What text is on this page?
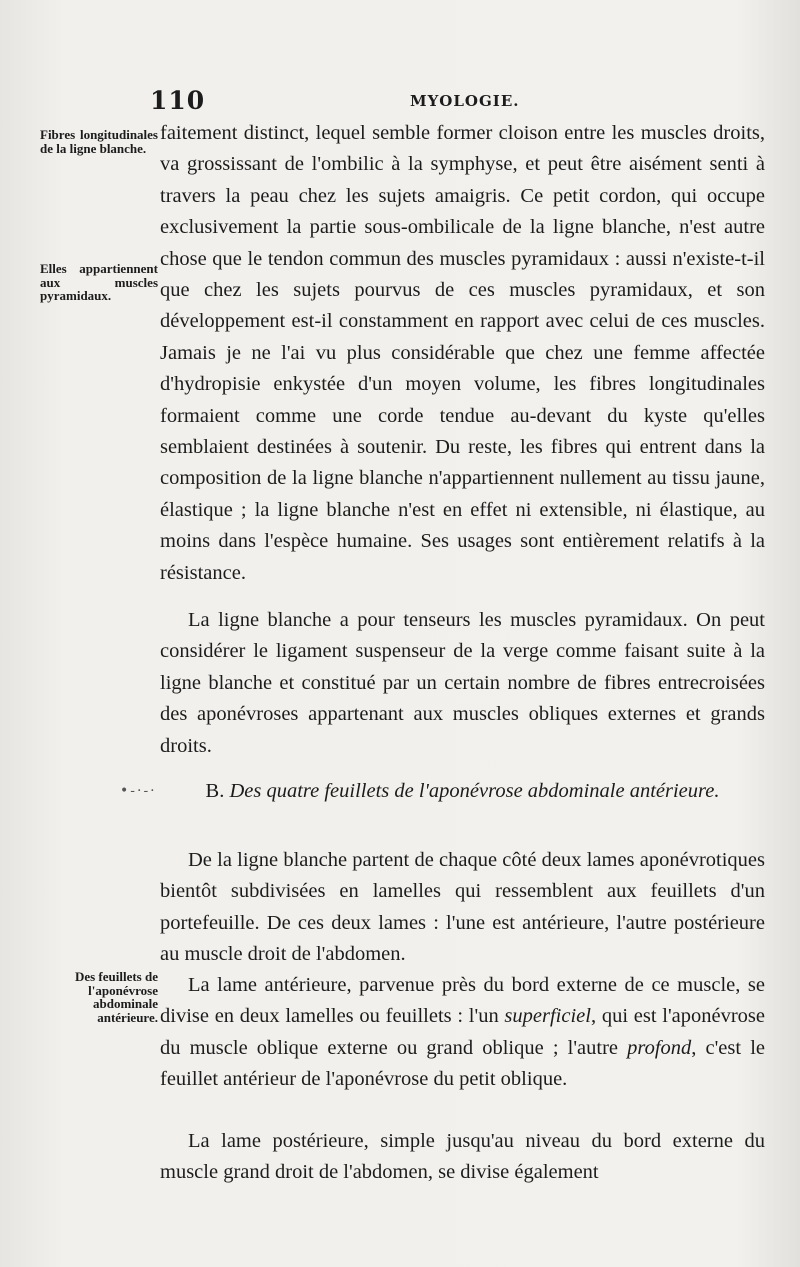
110	MYOLOGIE.

Fibres longitudinales de la ligne blanche.

Elles appartiennent aux muscles pyramidaux.

Des feuillets de l'aponévrose abdominale antérieure.

faitement distinct, lequel semble former cloison entre les muscles droits, va grossissant de l'ombilic à la symphyse, et peut être aisément senti à travers la peau chez les sujets amaigris. Ce petit cordon, qui occupe exclusivement la partie sous-ombilicale de la ligne blanche, n'est autre chose que le tendon commun des muscles pyramidaux : aussi n'existe-t-il que chez les sujets pourvus de ces muscles pyramidaux, et son développement est-il constamment en rapport avec celui de ces muscles. Jamais je ne l'ai vu plus considérable que chez une femme affectée d'hydropisie enkystée d'un moyen volume, les fibres longitudinales formaient comme une corde tendue au-devant du kyste qu'elles semblaient destinées à soutenir. Du reste, les fibres qui entrent dans la composition de la ligne blanche n'appartiennent nullement au tissu jaune, élastique ; la ligne blanche n'est en effet ni extensible, ni élastique, au moins dans l'espèce humaine. Ses usages sont entièrement relatifs à la résistance.

La ligne blanche a pour tenseurs les muscles pyramidaux. On peut considérer le ligament suspenseur de la verge comme faisant suite à la ligne blanche et constitué par un certain nombre de fibres entrecroisées des aponévroses appartenant aux muscles obliques externes et grands droits.

•-·-·	B. Des quatre feuillets de l'aponévrose abdominale antérieure.

De la ligne blanche partent de chaque côté deux lames aponévrotiques bientôt subdivisées en lamelles qui ressemblent aux feuillets d'un portefeuille. De ces deux lames : l'une est antérieure, l'autre postérieure au muscle droit de l'abdomen.

La lame antérieure, parvenue près du bord externe de ce muscle, se divise en deux lamelles ou feuillets : l'un superficiel, qui est l'aponévrose du muscle oblique externe ou grand oblique ; l'autre profond, c'est le feuillet antérieur de l'aponévrose du petit oblique.

La lame postérieure, simple jusqu'au niveau du bord externe du muscle grand droit de l'abdomen, se divise également
